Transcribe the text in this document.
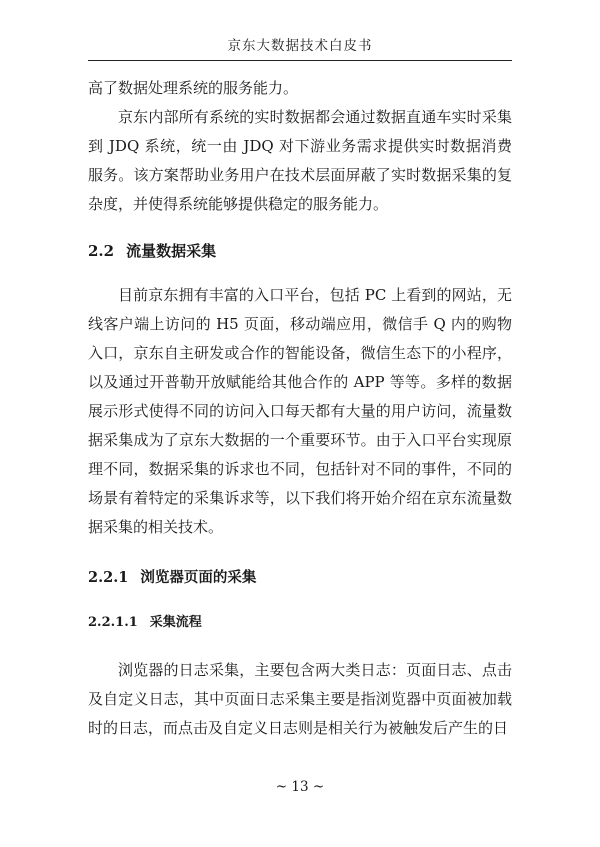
京东大数据技术白皮书

高了数据处理系统的服务能力。

京东内部所有系统的实时数据都会通过数据直通车实时采集到 JDQ 系统，统一由 JDQ 对下游业务需求提供实时数据消费服务。该方案帮助业务用户在技术层面屏蔽了实时数据采集的复杂度，并使得系统能够提供稳定的服务能力。

2.2 流量数据采集

目前京东拥有丰富的入口平台，包括 PC 上看到的网站，无线客户端上访问的 H5 页面，移动端应用，微信手 Q 内的购物入口，京东自主研发或合作的智能设备，微信生态下的小程序，以及通过开普勒开放赋能给其他合作的 APP 等等。多样的数据展示形式使得不同的访问入口每天都有大量的用户访问，流量数据采集成为了京东大数据的一个重要环节。由于入口平台实现原理不同，数据采集的诉求也不同，包括针对不同的事件，不同的场景有着特定的采集诉求等，以下我们将开始介绍在京东流量数据采集的相关技术。

2.2.1 浏览器页面的采集
2.2.1.1 采集流程

浏览器的日志采集，主要包含两大类日志：页面日志、点击及自定义日志，其中页面日志采集主要是指浏览器中页面被加载时的日志，而点击及自定义日志则是相关行为被触发后产生的日

~ 13 ~
